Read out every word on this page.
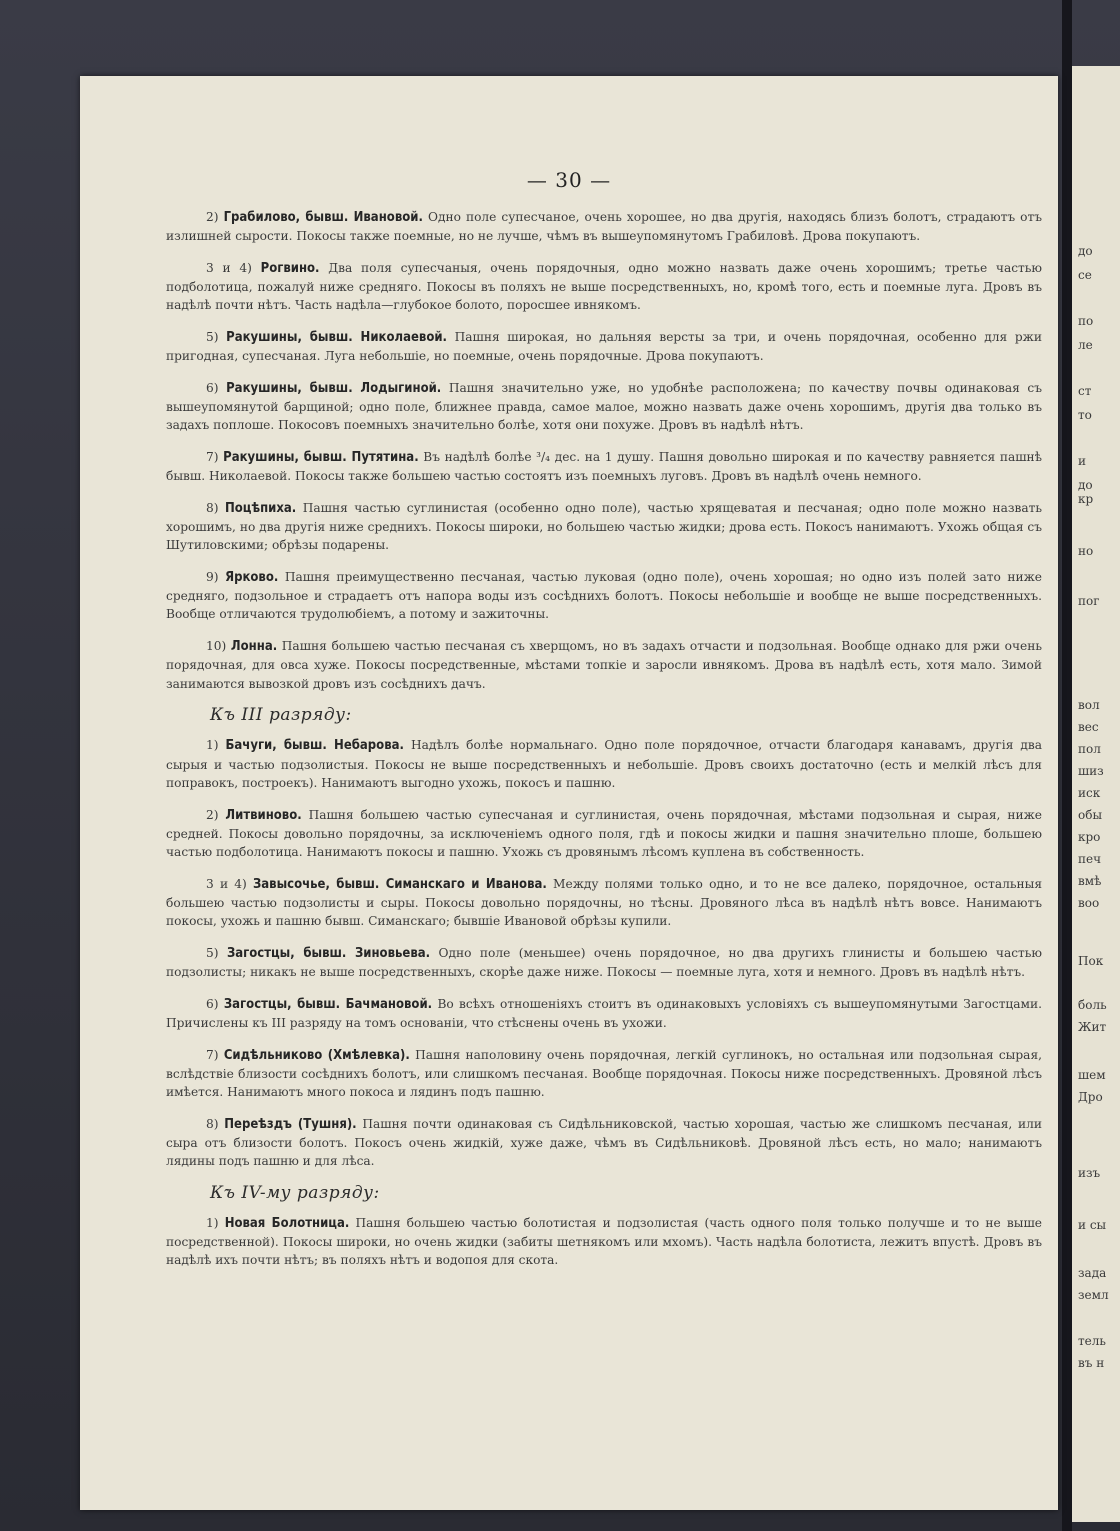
до
се
по
ле
ст
то
и
до
кр
но
пог
вол
вес
пол
шиз
иск
обы
кро
печ
вмѣ
воо
Пок
боль
Жит
шем
Дро
изъ
и сы
зада
земл
тель
въ н
— 30 —

2) Грабилово, бывш. Ивановой. Одно поле супесчаное, очень хорошее, но два другія, находясь близъ болотъ, страдаютъ отъ излишней сырости. Покосы также поемные, но не лучше, чѣмъ въ вышеупомянутомъ Грабиловѣ. Дрова покупаютъ.

3 и 4) Рогвино. Два поля супесчаныя, очень порядочныя, одно можно назвать даже очень хорошимъ; третье частью подболотица, пожалуй ниже средняго. Покосы въ поляхъ не выше посредственныхъ, но, кромѣ того, есть и поемные луга. Дровъ въ надѣлѣ почти нѣтъ. Часть надѣла—глубокое болото, поросшее ивнякомъ.

5) Ракушины, бывш. Николаевой. Пашня широкая, но дальняя версты за три, и очень порядочная, особенно для ржи пригодная, супесчаная. Луга небольшіе, но поемные, очень порядочные. Дрова покупаютъ.

6) Ракушины, бывш. Лодыгиной. Пашня значительно уже, но удобнѣе расположена; по качеству почвы одинаковая съ вышеупомянутой барщиной; одно поле, ближнее правда, самое малое, можно назвать даже очень хорошимъ, другія два только въ задахъ поплоше. Покосовъ поемныхъ значительно болѣе, хотя они похуже. Дровъ въ надѣлѣ нѣтъ.

7) Ракушины, бывш. Путятина. Въ надѣлѣ болѣе ³/₄ дес. на 1 душу. Пашня довольно широкая и по качеству равняется пашнѣ бывш. Николаевой. Покосы также большею частью состоятъ изъ поемныхъ луговъ. Дровъ въ надѣлѣ очень немного.

8) Поцѣпиха. Пашня частью суглинистая (особенно одно поле), частью хрящеватая и песчаная; одно поле можно назвать хорошимъ, но два другія ниже среднихъ. Покосы широки, но большею частью жидки; дрова есть. Покосъ нанимаютъ. Ухожь общая съ Шутиловскими; обрѣзы подарены.

9) Ярково. Пашня преимущественно песчаная, частью луковая (одно поле), очень хорошая; но одно изъ полей зато ниже средняго, подзольное и страдаетъ отъ напора воды изъ сосѣднихъ болотъ. Покосы небольшіе и вообще не выше посредственныхъ. Вообще отличаются трудолюбіемъ, а потому и зажиточны.

10) Лонна. Пашня большею частью песчаная съ хверщомъ, но въ задахъ отчасти и подзольная. Вообще однако для ржи очень порядочная, для овса хуже. Покосы посредственные, мѣстами топкіе и заросли ивнякомъ. Дрова въ надѣлѣ есть, хотя мало. Зимой занимаются вывозкой дровъ изъ сосѣднихъ дачъ.

Къ III разряду:

1) Бачуги, бывш. Небарова. Надѣлъ болѣе нормальнаго. Одно поле порядочное, отчасти благодаря канавамъ, другія два сырыя и частью подзолистыя. Покосы не выше посредственныхъ и небольшіе. Дровъ своихъ достаточно (есть и мелкій лѣсъ для поправокъ, построекъ). Нанимаютъ выгодно ухожь, покосъ и пашню.

2) Литвиново. Пашня большею частью супесчаная и суглинистая, очень порядочная, мѣстами подзольная и сырая, ниже средней. Покосы довольно порядочны, за исключеніемъ одного поля, гдѣ и покосы жидки и пашня значительно плоше, большею частью подболотица. Нанимаютъ покосы и пашню. Ухожь съ дровянымъ лѣсомъ куплена въ собственность.

3 и 4) Завысочье, бывш. Симанскаго и Иванова. Между полями только одно, и то не все далеко, порядочное, остальныя большею частью подзолисты и сыры. Покосы довольно порядочны, но тѣсны. Дровяного лѣса въ надѣлѣ нѣтъ вовсе. Нанимаютъ покосы, ухожь и пашню бывш. Симанскаго; бывшіе Ивановой обрѣзы купили.

5) Загостцы, бывш. Зиновьева. Одно поле (меньшее) очень порядочное, но два другихъ глинисты и большею частью подзолисты; никакъ не выше посредственныхъ, скорѣе даже ниже. Покосы — поемные луга, хотя и немного. Дровъ въ надѣлѣ нѣтъ.

6) Загостцы, бывш. Бачмановой. Во всѣхъ отношеніяхъ стоитъ въ одинаковыхъ условіяхъ съ вышеупомянутыми Загостцами. Причислены къ III разряду на томъ основаніи, что стѣснены очень въ ухожи.

7) Сидѣльниково (Хмѣлевка). Пашня наполовину очень порядочная, легкій суглинокъ, но остальная или подзольная сырая, вслѣдствіе близости сосѣднихъ болотъ, или слишкомъ песчаная. Вообще порядочная. Покосы ниже посредственныхъ. Дровяной лѣсъ имѣется. Нанимаютъ много покоса и лядинъ подъ пашню.

8) Переѣздъ (Тушня). Пашня почти одинаковая съ Сидѣльниковской, частью хорошая, частью же слишкомъ песчаная, или сыра отъ близости болотъ. Покосъ очень жидкій, хуже даже, чѣмъ въ Сидѣльниковѣ. Дровяной лѣсъ есть, но мало; нанимаютъ лядины подъ пашню и для лѣса.

Къ IV-му разряду:

1) Новая Болотница. Пашня большею частью болотистая и подзолистая (часть одного поля только получше и то не выше посредственной). Покосы широки, но очень жидки (забиты шетнякомъ или мхомъ). Часть надѣла болотиста, лежитъ впустѣ. Дровъ въ надѣлѣ ихъ почти нѣтъ; въ поляхъ нѣтъ и водопоя для скота.
